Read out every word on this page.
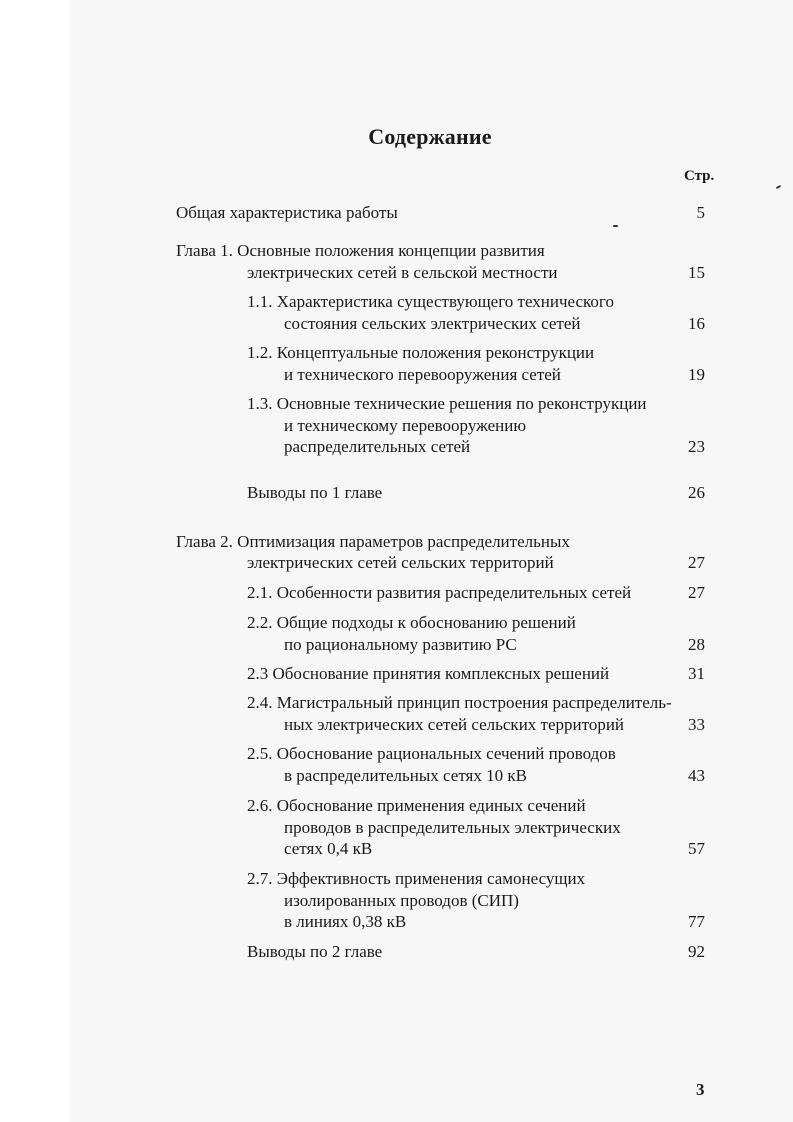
Содержание
Стр.
Общая характеристика работы	5
Глава 1. Основные положения концепции развития
электрических сетей в сельской местности	15
1.1. Характеристика существующего технического
состояния сельских электрических сетей	16
1.2. Концептуальные положения реконструкции
и технического перевооружения сетей	19
1.3. Основные технические решения по реконструкции
и техническому перевооружению
распределительных сетей	23
Выводы по 1 главе	26
Глава 2. Оптимизация параметров распределительных
электрических сетей сельских территорий	27
2.1. Особенности развития распределительных сетей	27
2.2. Общие подходы к обоснованию решений
по рациональному развитию РС	28
2.3 Обоснование принятия комплексных решений	31
2.4. Магистральный принцип построения распределитель-
ных электрических сетей сельских территорий	33
2.5. Обоснование рациональных сечений проводов
в распределительных сетях 10 кВ	43
2.6. Обоснование применения единых сечений
проводов в распределительных электрических
сетях 0,4 кВ	57
2.7. Эффективность применения самонесущих
изолированных проводов (СИП)
в линиях 0,38 кВ	77
Выводы по 2 главе	92
3
